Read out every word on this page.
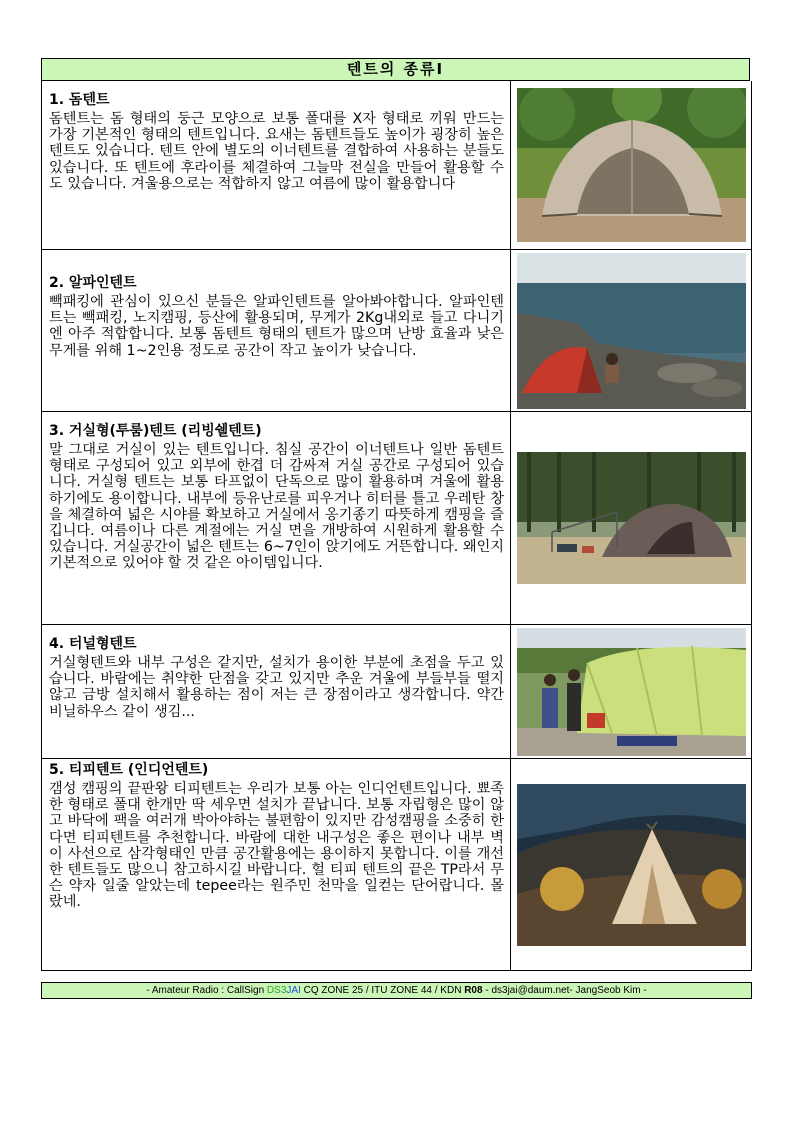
텐트의 종류Ⅰ
1. 돔텐트

돔텐트는 돔 형태의 둥근 모양으로 보통 폴대를 X자 형태로 끼워 만드는 가장 기본적인 형태의 텐트입니다. 요새는 돔텐트들도 높이가 굉장히 높은 텐트도 있습니다. 텐트 안에 별도의 이너텐트를 결합하여 사용하는 분들도 있습니다. 또 텐트에 후라이를 체결하여 그늘막 전실을 만들어 활용할 수도 있습니다. 겨울용으로는 적합하지 않고 여름에 많이 활용합니다

2. 알파인텐트

빽패킹에 관심이 있으신 분들은 알파인텐트를 알아봐야합니다. 알파인텐트는 빽패킹, 노지캠핑, 등산에 활용되며, 무게가 2Kg내외로 들고 다니기엔 아주 적합합니다. 보통 돔텐트 형태의 텐트가 많으며 난방 효율과 낮은 무게를 위해 1~2인용 정도로 공간이 작고 높이가 낮습니다.

3. 거실형(투룸)텐트 (리빙쉘텐트)

말 그대로 거실이 있는 텐트입니다. 침실 공간이 이너텐트나 일반 돔텐트 형태로 구성되어 있고 외부에 한겹 더 감싸져 거실 공간로 구성되어 있습니다. 거실형 텐트는 보통 타프없이 단독으로 많이 활용하며 겨울에 활용하기에도 용이합니다. 내부에 등유난로를 피우거나 히터를 틀고 우레탄 창을 체결하여 넓은 시야를 확보하고 거실에서 옹기종기 따뜻하게 캠핑을 즐깁니다. 여름이나 다른 계절에는 거실 면을 개방하여 시원하게 활용할 수 있습니다. 거실공간이 넓은 텐트는 6~7인이 앉기에도 거뜬합니다. 왜인지 기본적으로 있어야 할 것 같은 아이템입니다.

4. 터널형텐트

거실형텐트와 내부 구성은 같지만, 설치가 용이한 부분에 초점을 두고 있습니다. 바람에는 취약한 단점을 갖고 있지만 추운 겨울에 부들부들 떨지 않고 금방 설치해서 활용하는 점이 저는 큰 장점이라고 생각합니다. 약간 비닐하우스 같이 생김...

5. 티피텐트 (인디언텐트)

갬성 캠핑의 끝판왕 티피텐트는 우리가 보통 아는 인디언텐트입니다. 뾰족한 형태로 폴대 한개만 딱 세우면 설치가 끝납니다. 보통 자립형은 많이 않고 바닥에 팩을 여러개 박아야하는 불편함이 있지만 감성캠핑을 소중히 한다면 티피텐트를 추천합니다. 바람에 대한 내구성은 좋은 편이나 내부 벽이 사선으로 삼각형태인 만큼 공간활용에는 용이하지 못합니다. 이를 개선한 텐트들도 많으니 참고하시길 바랍니다. 헐 티피 텐트의 끝은 TP라서 무슨 약자 일줄 알았는데 tepee라는 원주민 천막을 일컫는 단어랍니다. 몰랐네.

- Amateur Radio : CallSign DS3JAI CQ ZONE 25 / ITU ZONE 44 / KDN R08 - ds3jai@daum.net- JangSeob Kim -
